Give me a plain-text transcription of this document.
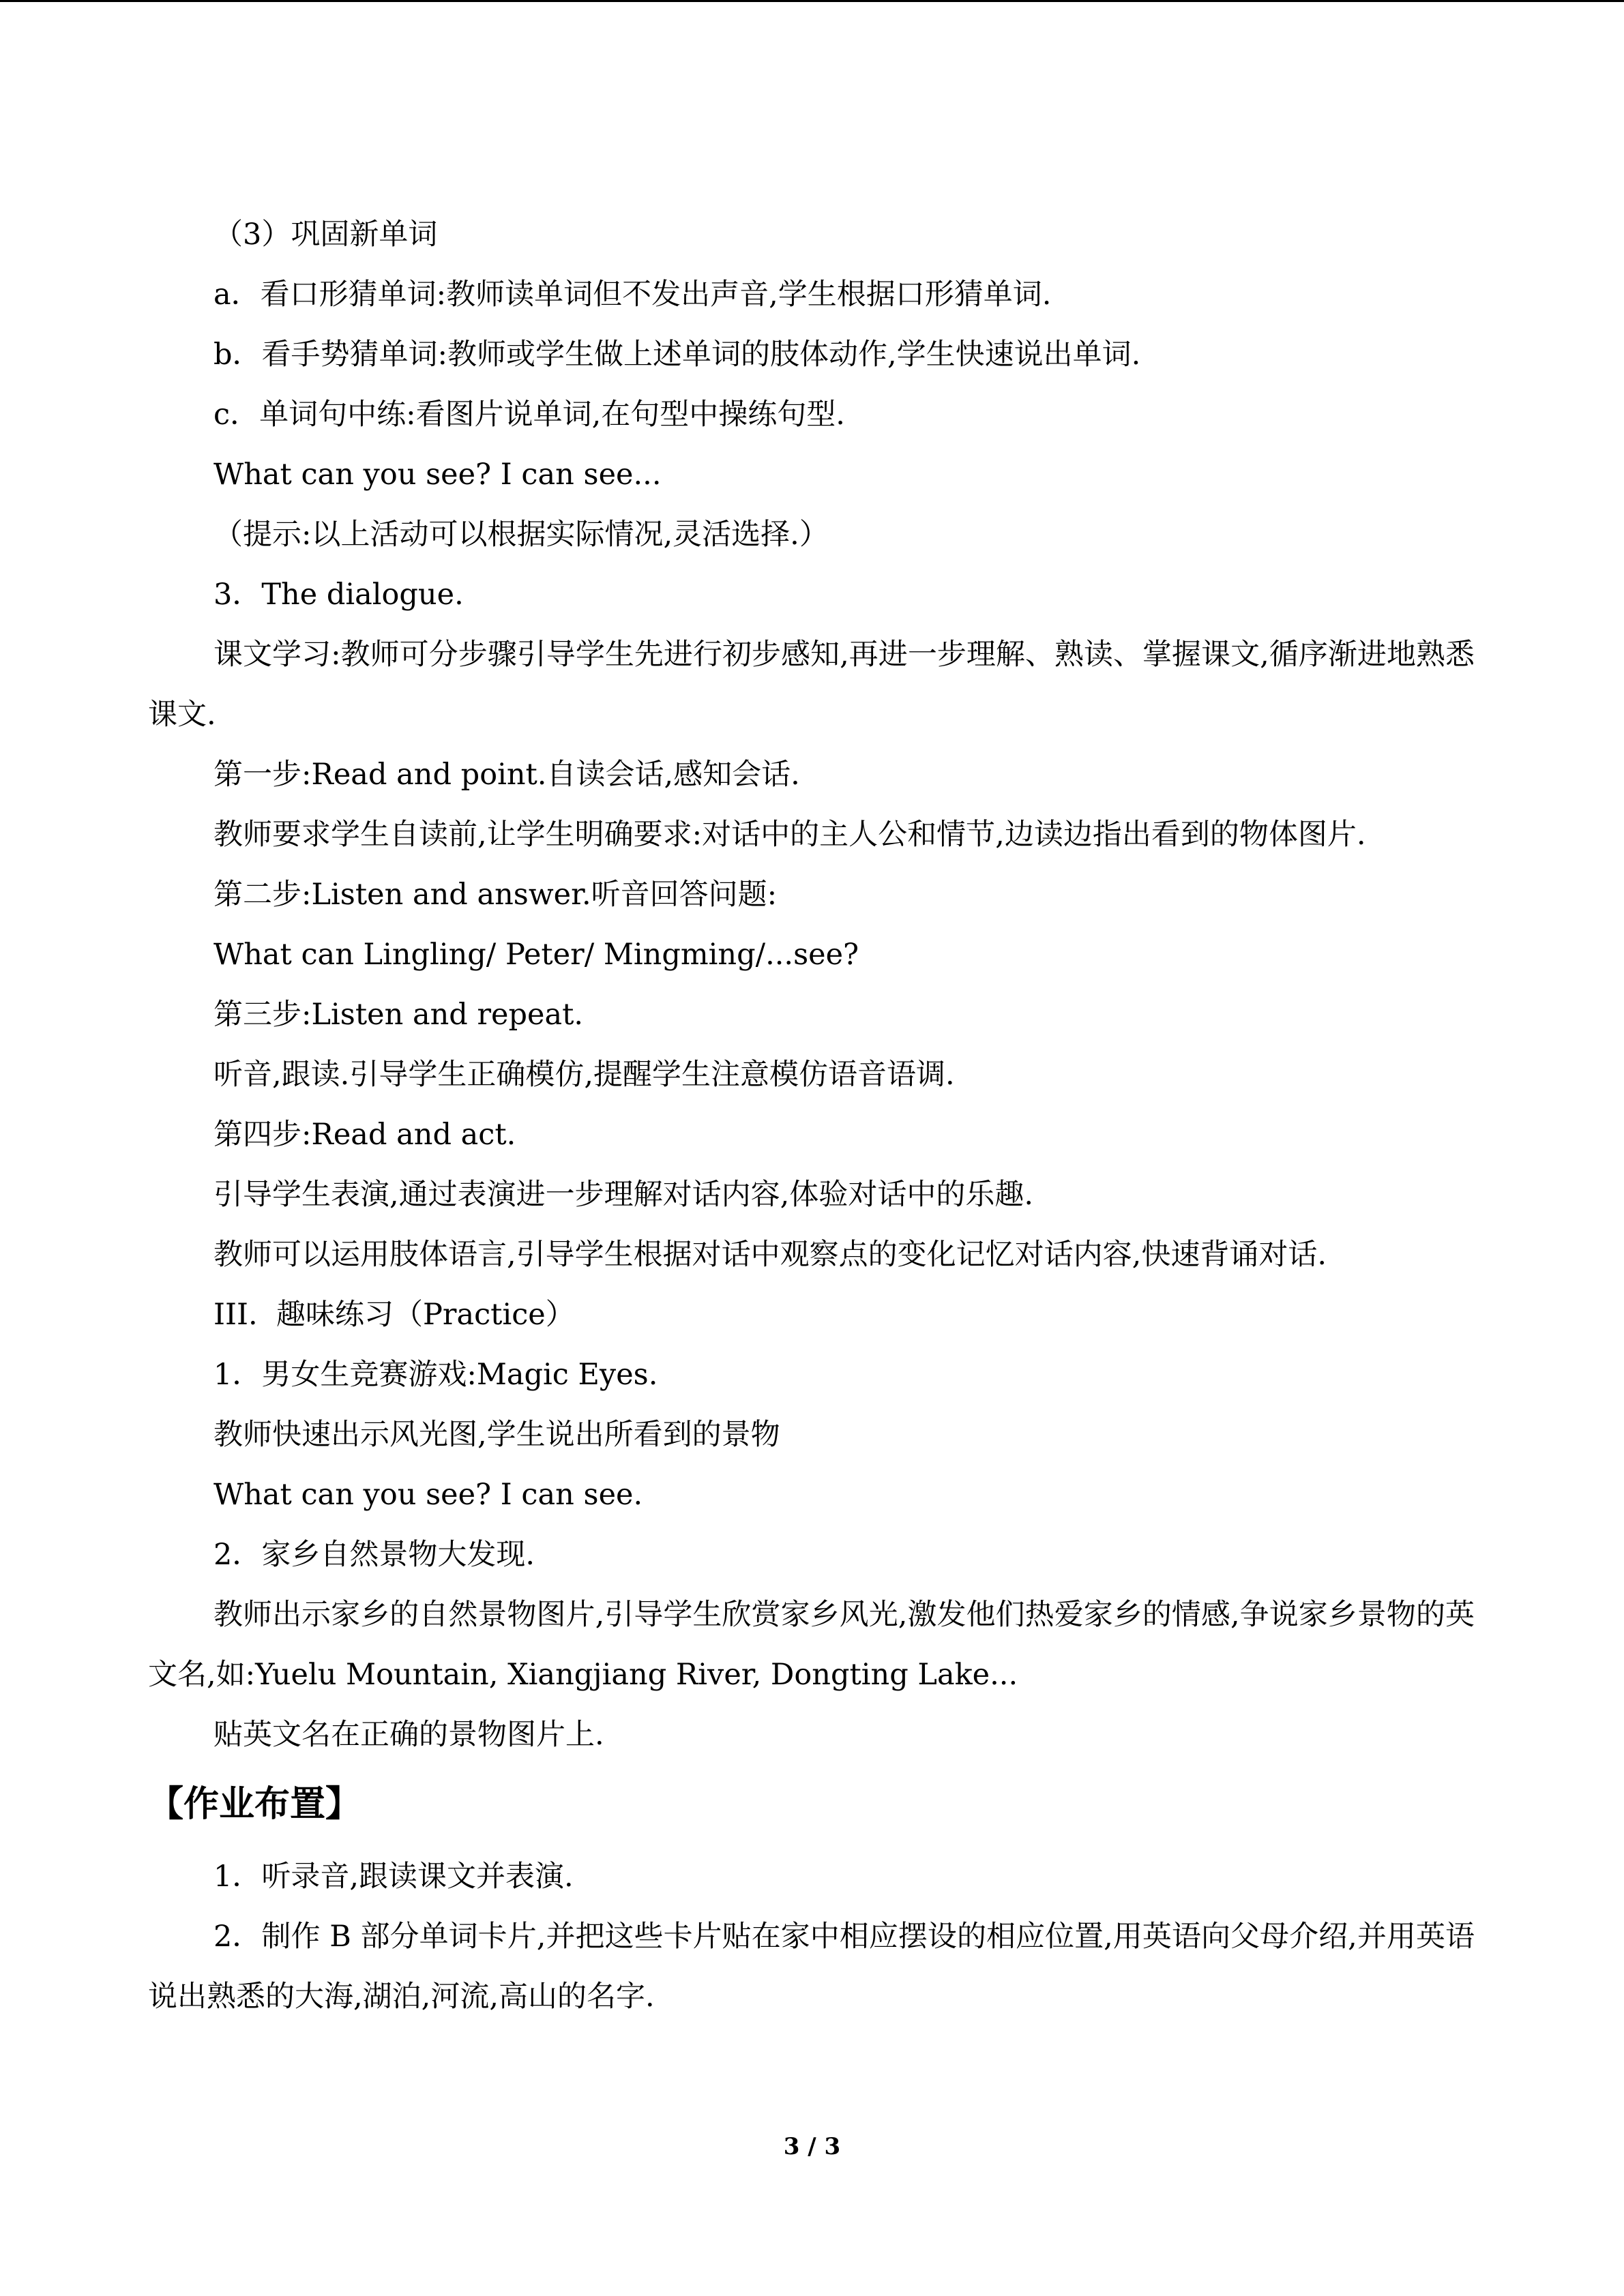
（3）巩固新单词
a．看口形猜单词:教师读单词但不发出声音,学生根据口形猜单词.
b．看手势猜单词:教师或学生做上述单词的肢体动作,学生快速说出单词.
c．单词句中练:看图片说单词,在句型中操练句型.
What can you see? I can see...
（提示:以上活动可以根据实际情况,灵活选择.）
3．The dialogue.
课文学习:教师可分步骤引导学生先进行初步感知,再进一步理解、熟读、掌握课文,循序渐进地熟悉课文.
第一步:Read and point.自读会话,感知会话.
教师要求学生自读前,让学生明确要求:对话中的主人公和情节,边读边指出看到的物体图片.
第二步:Listen and answer.听音回答问题:
What can Lingling/ Peter/ Mingming/...see?
第三步:Listen and repeat.
听音,跟读.引导学生正确模仿,提醒学生注意模仿语音语调.
第四步:Read and act.
引导学生表演,通过表演进一步理解对话内容,体验对话中的乐趣.
教师可以运用肢体语言,引导学生根据对话中观察点的变化记忆对话内容,快速背诵对话.
III.  趣味练习（Practice）
1．男女生竞赛游戏:Magic Eyes.
教师快速出示风光图,学生说出所看到的景物
What can you see? I can see.
2．家乡自然景物大发现.
教师出示家乡的自然景物图片,引导学生欣赏家乡风光,激发他们热爱家乡的情感,争说家乡景物的英文名,如:Yuelu Mountain, Xiangjiang River, Dongting Lake...
贴英文名在正确的景物图片上.
【作业布置】
1．听录音,跟读课文并表演.
2．制作 B 部分单词卡片,并把这些卡片贴在家中相应摆设的相应位置,用英语向父母介绍,并用英语说出熟悉的大海,湖泊,河流,高山的名字.
3 / 3
